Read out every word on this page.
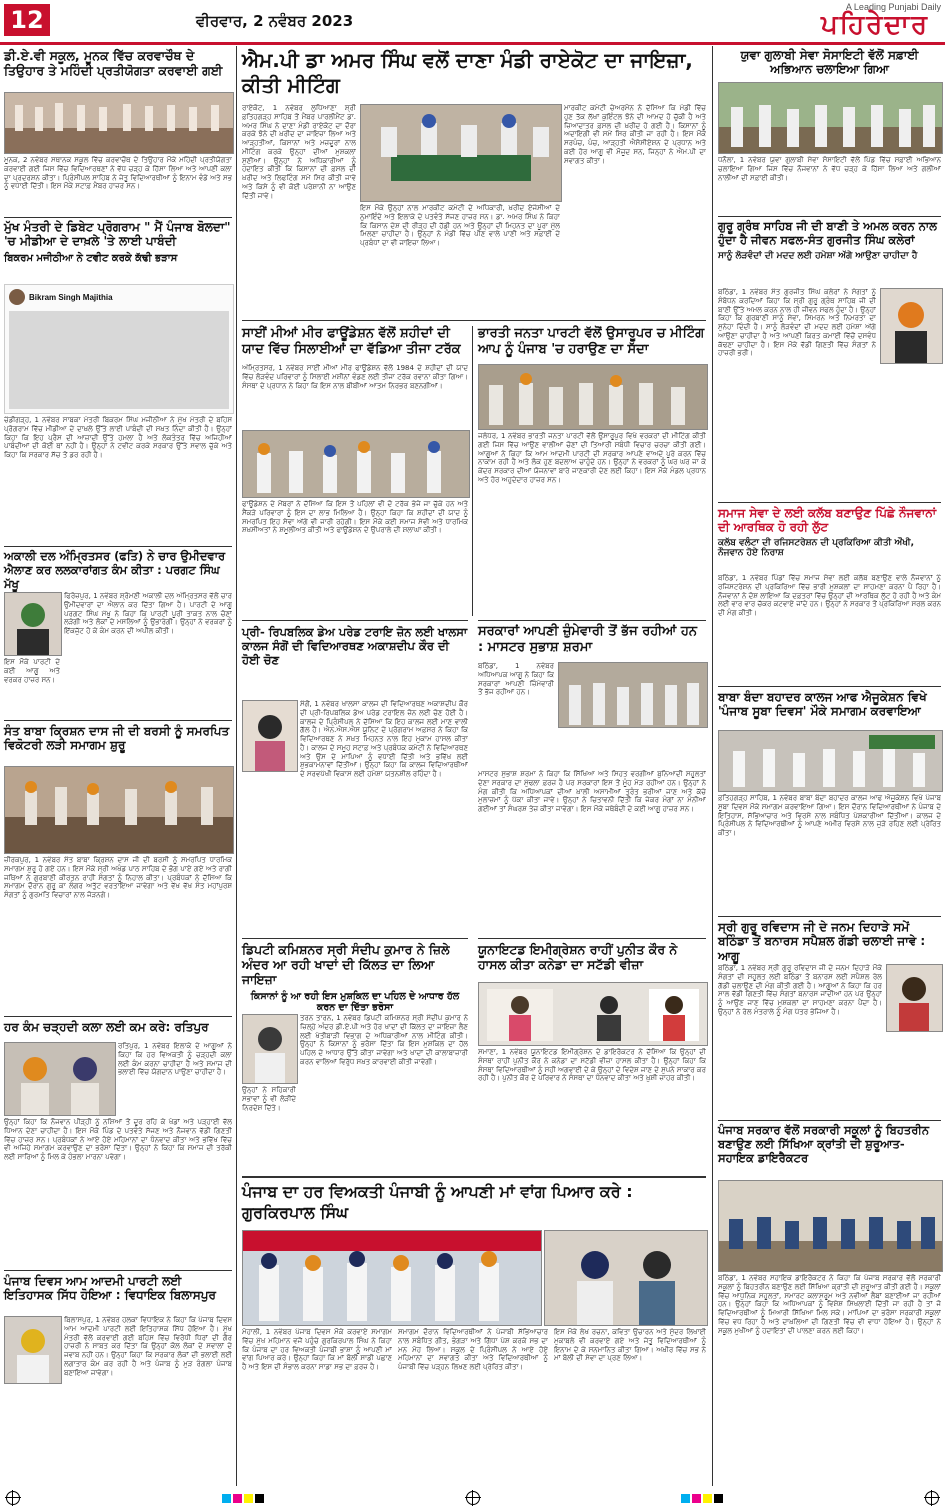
12	ਵੀਰਵਾਰ, 2 ਨਵੰਬਰ 2023
A Leading Punjabi Daily
ਪਹਿਰੇਦਾਰ
ਡੀ.ਏ.ਵੀ ਸਕੂਲ, ਮੂਨਕ ਵਿੱਚ ਕਰਵਾਚੌਥ ਦੇ ਤਿਉਹਾਰ ਤੇ ਮਹਿੰਦੀ ਪ੍ਰਤੀਯੋਗਤਾ ਕਰਵਾਈ ਗਈ
ਮੂਨਕ, 2 ਨਵੰਬਰ ਸਥਾਨਕ ਸਕੂਲ ਵਿੱਚ ਕਰਵਾਚੌਥ ਦੇ ਤਿਉਹਾਰ ਮੌਕੇ ਮਹਿੰਦੀ ਪ੍ਰਤੀਯੋਗਤਾ ਕਰਵਾਈ ਗਈ ਜਿਸ ਵਿੱਚ ਵਿਦਿਆਰਥਣਾਂ ਨੇ ਵੱਧ ਚੜ੍ਹ ਕੇ ਹਿੱਸਾ ਲਿਆ ਅਤੇ ਆਪਣੀ ਕਲਾ ਦਾ ਪ੍ਰਦਰਸ਼ਨ ਕੀਤਾ। ਪ੍ਰਿੰਸੀਪਲ ਸਾਹਿਬ ਨੇ ਜੇਤੂ ਵਿਦਿਆਰਥੀਆਂ ਨੂੰ ਇਨਾਮ ਵੰਡੇ ਅਤੇ ਸਭ ਨੂੰ ਵਧਾਈ ਦਿੱਤੀ। ਇਸ ਮੌਕੇ ਸਟਾਫ਼ ਮੈਂਬਰ ਹਾਜ਼ਰ ਸਨ।
ਮੁੱਖ ਮੰਤਰੀ ਦੇ ਡਿਬੇਟ ਪ੍ਰੋਗਰਾਮ " ਮੈਂ ਪੰਜਾਬ ਬੋਲਦਾ" 'ਚ ਮੀਡੀਆ ਦੇ ਦਾਖ਼ਲੇ 'ਤੇ ਲਾਈ ਪਾਬੰਦੀ
ਬਿਕਰਮ ਮਜੀਠੀਆ ਨੇ ਟਵੀਟ ਕਰਕੇ ਕੱਢੀ ਭੜਾਸ
Bikram Singh Majithia
ਚੰਡੀਗੜ੍ਹ, 1 ਨਵੰਬਰ ਸਾਬਕਾ ਮੰਤਰੀ ਬਿਕਰਮ ਸਿੰਘ ਮਜੀਠੀਆ ਨੇ ਮੁੱਖ ਮੰਤਰੀ ਦੇ ਬਹਿਸ ਪ੍ਰੋਗਰਾਮ ਵਿੱਚ ਮੀਡੀਆ ਦੇ ਦਾਖ਼ਲੇ ਉੱਤੇ ਲਾਈ ਪਾਬੰਦੀ ਦੀ ਸਖ਼ਤ ਨਿੰਦਾ ਕੀਤੀ ਹੈ। ਉਨ੍ਹਾਂ ਕਿਹਾ ਕਿ ਇਹ ਪ੍ਰੈਸ ਦੀ ਆਜ਼ਾਦੀ ਉੱਤੇ ਹਮਲਾ ਹੈ ਅਤੇ ਲੋਕਤੰਤਰ ਵਿੱਚ ਅਜਿਹੀਆਂ ਪਾਬੰਦੀਆਂ ਦੀ ਕੋਈ ਥਾਂ ਨਹੀਂ ਹੈ। ਉਨ੍ਹਾਂ ਨੇ ਟਵੀਟ ਕਰਕੇ ਸਰਕਾਰ ਉੱਤੇ ਸਵਾਲ ਚੁੱਕੇ ਅਤੇ ਕਿਹਾ ਕਿ ਸਰਕਾਰ ਸੱਚ ਤੋਂ ਡਰ ਰਹੀ ਹੈ।
ਅਕਾਲੀ ਦਲ ਅੰਮ੍ਰਿਤਸਰ (ਫਤਿ) ਨੇ ਚਾਰ ਉਮੀਦਵਾਰ ਐਲਾਣ ਕਰ ਲਲਕਾਰਾਂਗਤ ਕੰਮ ਕੀਤਾ : ਪਰਗਟ ਸਿੰਘ ਮੱਖੂ
ਫਿਰੋਜ਼ਪੁਰ, 1 ਨਵੰਬਰ ਸ਼੍ਰੋਮਣੀ ਅਕਾਲੀ ਦਲ ਅੰਮ੍ਰਿਤਸਰ ਵੱਲੋਂ ਚਾਰ ਉਮੀਦਵਾਰਾਂ ਦਾ ਐਲਾਨ ਕਰ ਦਿੱਤਾ ਗਿਆ ਹੈ। ਪਾਰਟੀ ਦੇ ਆਗੂ ਪਰਗਟ ਸਿੰਘ ਮੱਖੂ ਨੇ ਕਿਹਾ ਕਿ ਪਾਰਟੀ ਪੂਰੀ ਤਾਕਤ ਨਾਲ ਚੋਣਾਂ ਲੜੇਗੀ ਅਤੇ ਲੋਕਾਂ ਦੇ ਮਸਲਿਆਂ ਨੂੰ ਉਭਾਰੇਗੀ। ਉਨ੍ਹਾਂ ਨੇ ਵਰਕਰਾਂ ਨੂੰ ਇੱਕਜੁੱਟ ਹੋ ਕੇ ਕੰਮ ਕਰਨ ਦੀ ਅਪੀਲ ਕੀਤੀ।
ਇਸ ਮੌਕੇ ਪਾਰਟੀ ਦੇ ਕਈ ਆਗੂ ਅਤੇ ਵਰਕਰ ਹਾਜ਼ਰ ਸਨ।
ਸੰਤ ਬਾਬਾ ਕ੍ਰਿਸ਼ਨ ਦਾਸ ਜੀ ਦੀ ਬਰਸੀ ਨੂੰ ਸਮਰਪਿਤ ਵਿਕੋਟਰੀ ਲੜੀ ਸਮਾਗਮ ਸ਼ੁਰੂ
ਜ਼ੀਰਕਪੁਰ, 1 ਨਵੰਬਰ ਸੰਤ ਬਾਬਾ ਕ੍ਰਿਸ਼ਨ ਦਾਸ ਜੀ ਦੀ ਬਰਸੀ ਨੂੰ ਸਮਰਪਿਤ ਧਾਰਮਿਕ ਸਮਾਗਮ ਸ਼ੁਰੂ ਹੋ ਗਏ ਹਨ। ਇਸ ਮੌਕੇ ਸ੍ਰੀ ਅਖੰਡ ਪਾਠ ਸਾਹਿਬ ਦੇ ਭੋਗ ਪਾਏ ਗਏ ਅਤੇ ਰਾਗੀ ਜਥਿਆਂ ਨੇ ਗੁਰਬਾਣੀ ਕੀਰਤਨ ਰਾਹੀਂ ਸੰਗਤਾਂ ਨੂੰ ਨਿਹਾਲ ਕੀਤਾ। ਪ੍ਰਬੰਧਕਾਂ ਨੇ ਦੱਸਿਆ ਕਿ ਸਮਾਗਮ ਦੌਰਾਨ ਗੁਰੂ ਕਾ ਲੰਗਰ ਅਤੁੱਟ ਵਰਤਾਇਆ ਜਾਵੇਗਾ ਅਤੇ ਵੱਖ ਵੱਖ ਸੰਤ ਮਹਾਂਪੁਰਸ਼ ਸੰਗਤਾਂ ਨੂੰ ਗੁਰਮਤਿ ਵਿਚਾਰਾਂ ਨਾਲ ਜੋੜਨਗੇ।
ਹਰ ਕੰਮ ਚੜ੍ਹਦੀ ਕਲਾ ਲਈ ਕਮ ਕਰੇ: ਰਤਿਪੁਰ
ਰਤਿਪੁਰ, 1 ਨਵੰਬਰ ਇਲਾਕੇ ਦੇ ਆਗੂਆਂ ਨੇ ਕਿਹਾ ਕਿ ਹਰ ਵਿਅਕਤੀ ਨੂੰ ਚੜ੍ਹਦੀ ਕਲਾ ਲਈ ਕੰਮ ਕਰਨਾ ਚਾਹੀਦਾ ਹੈ ਅਤੇ ਸਮਾਜ ਦੀ ਭਲਾਈ ਵਿੱਚ ਯੋਗਦਾਨ ਪਾਉਣਾ ਚਾਹੀਦਾ ਹੈ।
ਉਨ੍ਹਾਂ ਕਿਹਾ ਕਿ ਨੌਜਵਾਨ ਪੀੜ੍ਹੀ ਨੂੰ ਨਸ਼ਿਆਂ ਤੋਂ ਦੂਰ ਰਹਿ ਕੇ ਖੇਡਾਂ ਅਤੇ ਪੜ੍ਹਾਈ ਵੱਲ ਧਿਆਨ ਦੇਣਾ ਚਾਹੀਦਾ ਹੈ। ਇਸ ਮੌਕੇ ਪਿੰਡ ਦੇ ਪਤਵੰਤੇ ਸੱਜਣ ਅਤੇ ਨੌਜਵਾਨ ਵੱਡੀ ਗਿਣਤੀ ਵਿੱਚ ਹਾਜ਼ਰ ਸਨ। ਪ੍ਰਬੰਧਕਾਂ ਨੇ ਆਏ ਹੋਏ ਮਹਿਮਾਨਾਂ ਦਾ ਧੰਨਵਾਦ ਕੀਤਾ ਅਤੇ ਭਵਿੱਖ ਵਿੱਚ ਵੀ ਅਜਿਹੇ ਸਮਾਗਮ ਕਰਵਾਉਣ ਦਾ ਭਰੋਸਾ ਦਿੱਤਾ। ਉਨ੍ਹਾਂ ਨੇ ਕਿਹਾ ਕਿ ਸਮਾਜ ਦੀ ਤਰੱਕੀ ਲਈ ਸਾਰਿਆਂ ਨੂੰ ਮਿਲ ਕੇ ਹੰਭਲਾ ਮਾਰਨਾ ਪਵੇਗਾ।
ਪੰਜਾਬ ਦਿਵਸ ਆਮ ਆਦਮੀ ਪਾਰਟੀ ਲਈ ਇਤਿਹਾਸਕ ਸਿੱਧ ਹੋਇਆ : ਵਿਧਾਇਕ ਬਿਲਾਸਪੁਰ
ਬਿਲਾਸਪੁਰ, 1 ਨਵੰਬਰ ਹਲਕਾ ਵਿਧਾਇਕ ਨੇ ਕਿਹਾ ਕਿ ਪੰਜਾਬ ਦਿਵਸ ਆਮ ਆਦਮੀ ਪਾਰਟੀ ਲਈ ਇਤਿਹਾਸਕ ਸਿੱਧ ਹੋਇਆ ਹੈ। ਮੁੱਖ ਮੰਤਰੀ ਵੱਲੋਂ ਕਰਵਾਈ ਗਈ ਬਹਿਸ ਵਿੱਚ ਵਿਰੋਧੀ ਧਿਰਾਂ ਦੀ ਗੈਰ ਹਾਜ਼ਰੀ ਨੇ ਸਾਬਤ ਕਰ ਦਿੱਤਾ ਕਿ ਉਨ੍ਹਾਂ ਕੋਲ ਲੋਕਾਂ ਦੇ ਸਵਾਲਾਂ ਦੇ ਜਵਾਬ ਨਹੀਂ ਹਨ। ਉਨ੍ਹਾਂ ਕਿਹਾ ਕਿ ਸਰਕਾਰ ਲੋਕਾਂ ਦੀ ਭਲਾਈ ਲਈ ਲਗਾਤਾਰ ਕੰਮ ਕਰ ਰਹੀ ਹੈ ਅਤੇ ਪੰਜਾਬ ਨੂੰ ਮੁੜ ਰੰਗਲਾ ਪੰਜਾਬ ਬਣਾਇਆ ਜਾਵੇਗਾ।
ਐਮ.ਪੀ ਡਾ ਅਮਰ ਸਿੰਘ ਵਲੋਂ ਦਾਣਾ ਮੰਡੀ ਰਾਏਕੋਟ ਦਾ ਜਾਇਜ਼ਾ, ਕੀਤੀ ਮੀਟਿੰਗ
ਰਾਏਕੋਟ, 1 ਨਵੰਬਰ ਲੁਧਿਆਣਾ ਸ਼੍ਰੀ ਫ਼ਤਿਹਗੜ੍ਹ ਸਾਹਿਬ ਤੋਂ ਮੈਂਬਰ ਪਾਰਲੀਮੈਂਟ ਡਾ. ਅਮਰ ਸਿੰਘ ਨੇ ਦਾਣਾ ਮੰਡੀ ਰਾਏਕੋਟ ਦਾ ਦੌਰਾ ਕਰਕੇ ਝੋਨੇ ਦੀ ਖ਼ਰੀਦ ਦਾ ਜਾਇਜ਼ਾ ਲਿਆ ਅਤੇ ਆੜ੍ਹਤੀਆਂ, ਕਿਸਾਨਾਂ ਅਤੇ ਮਜ਼ਦੂਰਾਂ ਨਾਲ ਮੀਟਿੰਗ ਕਰਕੇ ਉਨ੍ਹਾਂ ਦੀਆਂ ਮੁਸ਼ਕਲਾਂ ਸੁਣੀਆਂ। ਉਨ੍ਹਾਂ ਨੇ ਅਧਿਕਾਰੀਆਂ ਨੂੰ ਹਦਾਇਤ ਕੀਤੀ ਕਿ ਕਿਸਾਨਾਂ ਦੀ ਫ਼ਸਲ ਦੀ ਖ਼ਰੀਦ ਅਤੇ ਲਿਫਟਿੰਗ ਸਮੇਂ ਸਿਰ ਕੀਤੀ ਜਾਵੇ ਅਤੇ ਕਿਸੇ ਨੂੰ ਵੀ ਕੋਈ ਪਰੇਸ਼ਾਨੀ ਨਾ ਆਉਣ ਦਿੱਤੀ ਜਾਵੇ।
ਇਸ ਮੌਕੇ ਉਨ੍ਹਾਂ ਨਾਲ ਮਾਰਕੀਟ ਕਮੇਟੀ ਦੇ ਅਧਿਕਾਰੀ, ਖ਼ਰੀਦ ਏਜੰਸੀਆਂ ਦੇ ਨੁਮਾਇੰਦੇ ਅਤੇ ਇਲਾਕੇ ਦੇ ਪਤਵੰਤੇ ਸੱਜਣ ਹਾਜ਼ਰ ਸਨ। ਡਾ. ਅਮਰ ਸਿੰਘ ਨੇ ਕਿਹਾ ਕਿ ਕਿਸਾਨ ਦੇਸ਼ ਦੀ ਰੀੜ੍ਹ ਦੀ ਹੱਡੀ ਹਨ ਅਤੇ ਉਨ੍ਹਾਂ ਦੀ ਮਿਹਨਤ ਦਾ ਪੂਰਾ ਮੁੱਲ ਮਿਲਣਾ ਚਾਹੀਦਾ ਹੈ। ਉਨ੍ਹਾਂ ਨੇ ਮੰਡੀ ਵਿੱਚ ਪੀਣ ਵਾਲੇ ਪਾਣੀ ਅਤੇ ਸਫ਼ਾਈ ਦੇ ਪ੍ਰਬੰਧਾਂ ਦਾ ਵੀ ਜਾਇਜ਼ਾ ਲਿਆ।
ਮਾਰਕੀਟ ਕਮੇਟੀ ਚੇਅਰਮੈਨ ਨੇ ਦੱਸਿਆ ਕਿ ਮੰਡੀ ਵਿੱਚ ਹੁਣ ਤੱਕ ਲੱਖਾਂ ਕੁਇੰਟਲ ਝੋਨੇ ਦੀ ਆਮਦ ਹੋ ਚੁੱਕੀ ਹੈ ਅਤੇ ਜ਼ਿਆਦਾਤਰ ਫ਼ਸਲ ਦੀ ਖ਼ਰੀਦ ਹੋ ਗਈ ਹੈ। ਕਿਸਾਨਾਂ ਨੂੰ ਅਦਾਇਗੀ ਵੀ ਸਮੇਂ ਸਿਰ ਕੀਤੀ ਜਾ ਰਹੀ ਹੈ। ਇਸ ਮੌਕੇ ਸਰਪੰਚ, ਪੰਚ, ਆੜ੍ਹਤੀ ਐਸੋਸੀਏਸ਼ਨ ਦੇ ਪ੍ਰਧਾਨ ਅਤੇ ਕਈ ਹੋਰ ਆਗੂ ਵੀ ਮੌਜੂਦ ਸਨ, ਜਿਨ੍ਹਾਂ ਨੇ ਐਮ.ਪੀ ਦਾ ਸਵਾਗਤ ਕੀਤਾ।
ਸਾਈਂ ਮੀਆਂ ਮੀਰ ਫਾਊਂਡੇਸ਼ਨ ਵੱਲੋਂ ਸ਼ਹੀਦਾਂ ਦੀ ਯਾਦ ਵਿੱਚ ਸਿਲਾਈਆਂ ਦਾ ਵੱਡਿਆ ਤੀਜਾ ਟਰੱਕ
ਅੰਮ੍ਰਿਤਸਰ, 1 ਨਵੰਬਰ ਸਾਈਂ ਮੀਆਂ ਮੀਰ ਫਾਊਂਡੇਸ਼ਨ ਵੱਲੋਂ 1984 ਦੇ ਸ਼ਹੀਦਾਂ ਦੀ ਯਾਦ ਵਿੱਚ ਲੋੜਵੰਦ ਪਰਿਵਾਰਾਂ ਨੂੰ ਸਿਲਾਈ ਮਸ਼ੀਨਾਂ ਵੰਡਣ ਲਈ ਤੀਜਾ ਟਰੱਕ ਰਵਾਨਾ ਕੀਤਾ ਗਿਆ। ਸੰਸਥਾ ਦੇ ਪ੍ਰਧਾਨ ਨੇ ਕਿਹਾ ਕਿ ਇਸ ਨਾਲ ਬੀਬੀਆਂ ਆਤਮ ਨਿਰਭਰ ਬਣਨਗੀਆਂ।
ਫਾਊਂਡੇਸ਼ਨ ਦੇ ਮੈਂਬਰਾਂ ਨੇ ਦੱਸਿਆ ਕਿ ਇਸ ਤੋਂ ਪਹਿਲਾਂ ਵੀ ਦੋ ਟਰੱਕ ਭੇਜੇ ਜਾ ਚੁੱਕੇ ਹਨ ਅਤੇ ਸੈਂਕੜੇ ਪਰਿਵਾਰਾਂ ਨੂੰ ਇਸ ਦਾ ਲਾਭ ਮਿਲਿਆ ਹੈ। ਉਨ੍ਹਾਂ ਕਿਹਾ ਕਿ ਸ਼ਹੀਦਾਂ ਦੀ ਯਾਦ ਨੂੰ ਸਮਰਪਿਤ ਇਹ ਸੇਵਾ ਅੱਗੇ ਵੀ ਜਾਰੀ ਰਹੇਗੀ। ਇਸ ਮੌਕੇ ਕਈ ਸਮਾਜ ਸੇਵੀ ਅਤੇ ਧਾਰਮਿਕ ਸ਼ਖ਼ਸੀਅਤਾਂ ਨੇ ਸ਼ਮੂਲੀਅਤ ਕੀਤੀ ਅਤੇ ਫਾਊਂਡੇਸ਼ਨ ਦੇ ਉਪਰਾਲੇ ਦੀ ਸ਼ਲਾਘਾ ਕੀਤੀ।
ਭਾਰਤੀ ਜਨਤਾ ਪਾਰਟੀ ਵੱਲੋਂ ਉਸਾਰੂਪਰ ਚ ਮੀਟਿੰਗ ਆਪ ਨੂੰ ਪੰਜਾਬ 'ਚ ਹਰਾਉਣ ਦਾ ਸੱਦਾ
ਜਲੰਧਰ, 1 ਨਵੰਬਰ ਭਾਰਤੀ ਜਨਤਾ ਪਾਰਟੀ ਵੱਲੋਂ ਉਸਾਰੂਪੁਰ ਵਿਖੇ ਵਰਕਰਾਂ ਦੀ ਮੀਟਿੰਗ ਕੀਤੀ ਗਈ ਜਿਸ ਵਿੱਚ ਆਉਣ ਵਾਲੀਆਂ ਚੋਣਾਂ ਦੀ ਤਿਆਰੀ ਸਬੰਧੀ ਵਿਚਾਰ ਚਰਚਾ ਕੀਤੀ ਗਈ। ਆਗੂਆਂ ਨੇ ਕਿਹਾ ਕਿ ਆਮ ਆਦਮੀ ਪਾਰਟੀ ਦੀ ਸਰਕਾਰ ਆਪਣੇ ਵਾਅਦੇ ਪੂਰੇ ਕਰਨ ਵਿੱਚ ਨਾਕਾਮ ਰਹੀ ਹੈ ਅਤੇ ਲੋਕ ਹੁਣ ਬਦਲਾਅ ਚਾਹੁੰਦੇ ਹਨ। ਉਨ੍ਹਾਂ ਨੇ ਵਰਕਰਾਂ ਨੂੰ ਘਰ ਘਰ ਜਾ ਕੇ ਕੇਂਦਰ ਸਰਕਾਰ ਦੀਆਂ ਯੋਜਨਾਵਾਂ ਬਾਰੇ ਜਾਣਕਾਰੀ ਦੇਣ ਲਈ ਕਿਹਾ। ਇਸ ਮੌਕੇ ਮੰਡਲ ਪ੍ਰਧਾਨ ਅਤੇ ਹੋਰ ਅਹੁਦੇਦਾਰ ਹਾਜ਼ਰ ਸਨ।
ਸਰਕਾਰਾਂ ਆਪਣੀ ਜ਼ੁੰਮੇਵਾਰੀ ਤੋਂ ਭੱਜ ਰਹੀਆਂ ਹਨ : ਮਾਸਟਰ ਸੁਭਾਸ਼ ਸ਼ਰਮਾ
ਬਠਿੰਡਾ, 1 ਨਵੰਬਰ ਅਧਿਆਪਕ ਆਗੂ ਨੇ ਕਿਹਾ ਕਿ ਸਰਕਾਰਾਂ ਆਪਣੀ ਜ਼ਿੰਮੇਵਾਰੀ ਤੋਂ ਭੱਜ ਰਹੀਆਂ ਹਨ।
ਮਾਸਟਰ ਸੁਭਾਸ਼ ਸ਼ਰਮਾ ਨੇ ਕਿਹਾ ਕਿ ਸਿੱਖਿਆ ਅਤੇ ਸਿਹਤ ਵਰਗੀਆਂ ਬੁਨਿਆਦੀ ਸਹੂਲਤਾਂ ਦੇਣਾ ਸਰਕਾਰ ਦਾ ਮੁੱਢਲਾ ਫ਼ਰਜ਼ ਹੈ ਪਰ ਸਰਕਾਰਾਂ ਇਸ ਤੋਂ ਮੂੰਹ ਮੋੜ ਰਹੀਆਂ ਹਨ। ਉਨ੍ਹਾਂ ਨੇ ਮੰਗ ਕੀਤੀ ਕਿ ਅਧਿਆਪਕਾਂ ਦੀਆਂ ਖ਼ਾਲੀ ਅਸਾਮੀਆਂ ਤੁਰੰਤ ਭਰੀਆਂ ਜਾਣ ਅਤੇ ਕੱਚੇ ਮੁਲਾਜ਼ਮਾਂ ਨੂੰ ਪੱਕਾ ਕੀਤਾ ਜਾਵੇ। ਉਨ੍ਹਾਂ ਨੇ ਚਿਤਾਵਨੀ ਦਿੱਤੀ ਕਿ ਜੇਕਰ ਮੰਗਾਂ ਨਾ ਮੰਨੀਆਂ ਗਈਆਂ ਤਾਂ ਸੰਘਰਸ਼ ਤੇਜ਼ ਕੀਤਾ ਜਾਵੇਗਾ। ਇਸ ਮੌਕੇ ਜਥੇਬੰਦੀ ਦੇ ਕਈ ਆਗੂ ਹਾਜ਼ਰ ਸਨ।
ਪ੍ਰੀ- ਰਿਪਬਲਿਕ ਡੇਅ ਪਰੇਡ ਟਰਾਇ ਜ਼ੋਨ ਲਈ ਖਾਲਸਾ ਕਾਲਜ ਸੰਗੋਂ ਦੀ ਵਿਦਿਆਰਥਣ ਅਕਾਸ਼ਦੀਪ ਕੌਰ ਦੀ ਹੋਈ ਚੋਣ
ਸੰਗੋਂ, 1 ਨਵੰਬਰ ਖਾਲਸਾ ਕਾਲਜ ਦੀ ਵਿਦਿਆਰਥਣ ਅਕਾਸ਼ਦੀਪ ਕੌਰ ਦੀ ਪ੍ਰੀ-ਰਿਪਬਲਿਕ ਡੇਅ ਪਰੇਡ ਟਰਾਇਲ ਜ਼ੋਨ ਲਈ ਚੋਣ ਹੋਈ ਹੈ। ਕਾਲਜ ਦੇ ਪ੍ਰਿੰਸੀਪਲ ਨੇ ਦੱਸਿਆ ਕਿ ਇਹ ਕਾਲਜ ਲਈ ਮਾਣ ਵਾਲੀ ਗੱਲ ਹੈ। ਐਨ.ਐਸ.ਐਸ ਯੂਨਿਟ ਦੇ ਪ੍ਰੋਗਰਾਮ ਅਫ਼ਸਰ ਨੇ ਕਿਹਾ ਕਿ ਵਿਦਿਆਰਥਣ ਨੇ ਸਖ਼ਤ ਮਿਹਨਤ ਨਾਲ ਇਹ ਮੁਕਾਮ ਹਾਸਲ ਕੀਤਾ ਹੈ। ਕਾਲਜ ਦੇ ਸਮੂਹ ਸਟਾਫ਼ ਅਤੇ ਪ੍ਰਬੰਧਕ ਕਮੇਟੀ ਨੇ ਵਿਦਿਆਰਥਣ ਅਤੇ ਉਸ ਦੇ ਮਾਪਿਆਂ ਨੂੰ ਵਧਾਈ ਦਿੱਤੀ ਅਤੇ ਭਵਿੱਖ ਲਈ ਸ਼ੁਭਕਾਮਨਾਵਾਂ ਦਿੱਤੀਆਂ। ਉਨ੍ਹਾਂ ਕਿਹਾ ਕਿ ਕਾਲਜ ਵਿਦਿਆਰਥੀਆਂ ਦੇ ਸਰਵਪੱਖੀ ਵਿਕਾਸ ਲਈ ਹਮੇਸ਼ਾ ਯਤਨਸ਼ੀਲ ਰਹਿੰਦਾ ਹੈ।
ਡਿਪਟੀ ਕਮਿਸ਼ਨਰ ਸ੍ਰੀ ਸੰਦੀਪ ਕੁਮਾਰ ਨੇ ਜ਼ਿਲੇ ਅੰਦਰ ਆ ਰਹੀ ਖਾਦਾਂ ਦੀ ਕਿੱਲਤ ਦਾ ਲਿਆ ਜਾਇਜ਼ਾ
ਕਿਸਾਨਾਂ ਨੂੰ ਆ ਰਹੀ ਇਸ ਮੁਸ਼ਕਿਲ ਦਾ ਪਹਿਲ ਦੇ ਆਧਾਰ ਹੱਲ ਕਰਨ ਦਾ ਦਿੱਤਾ ਭਰੋਸਾ
ਤਰਨ ਤਾਰਨ, 1 ਨਵੰਬਰ ਡਿਪਟੀ ਕਮਿਸ਼ਨਰ ਸ੍ਰੀ ਸੰਦੀਪ ਕੁਮਾਰ ਨੇ ਜ਼ਿਲ੍ਹੇ ਅੰਦਰ ਡੀ.ਏ.ਪੀ ਅਤੇ ਹੋਰ ਖਾਦਾਂ ਦੀ ਕਿੱਲਤ ਦਾ ਜਾਇਜ਼ਾ ਲੈਣ ਲਈ ਖੇਤੀਬਾੜੀ ਵਿਭਾਗ ਦੇ ਅਧਿਕਾਰੀਆਂ ਨਾਲ ਮੀਟਿੰਗ ਕੀਤੀ। ਉਨ੍ਹਾਂ ਨੇ ਕਿਸਾਨਾਂ ਨੂੰ ਭਰੋਸਾ ਦਿੱਤਾ ਕਿ ਇਸ ਮੁਸ਼ਕਿਲ ਦਾ ਹੱਲ ਪਹਿਲ ਦੇ ਆਧਾਰ ਉੱਤੇ ਕੀਤਾ ਜਾਵੇਗਾ ਅਤੇ ਖਾਦਾਂ ਦੀ ਕਾਲਾਬਾਜ਼ਾਰੀ ਕਰਨ ਵਾਲਿਆਂ ਵਿਰੁੱਧ ਸਖ਼ਤ ਕਾਰਵਾਈ ਕੀਤੀ ਜਾਵੇਗੀ।
ਉਨ੍ਹਾਂ ਨੇ ਸਹਿਕਾਰੀ ਸਭਾਵਾਂ ਨੂੰ ਵੀ ਲੋੜੀਂਦੇ ਨਿਰਦੇਸ਼ ਦਿੱਤੇ।
ਯੂਨਾਇਟਡ ਇਮੀਗ੍ਰੇਸ਼ਨ ਰਾਹੀਂ ਪੁਨੀਤ ਕੌਰ ਨੇ ਹਾਸਲ ਕੀਤਾ ਕਨੇਡਾ ਦਾ ਸਟੱਡੀ ਵੀਜ਼ਾ
ਸਮਾਣਾ, 1 ਨਵੰਬਰ ਯੂਨਾਇਟਡ ਇਮੀਗ੍ਰੇਸ਼ਨ ਦੇ ਡਾਇਰੈਕਟਰ ਨੇ ਦੱਸਿਆ ਕਿ ਉਨ੍ਹਾਂ ਦੀ ਸੰਸਥਾ ਰਾਹੀਂ ਪੁਨੀਤ ਕੌਰ ਨੇ ਕਨੇਡਾ ਦਾ ਸਟੱਡੀ ਵੀਜ਼ਾ ਹਾਸਲ ਕੀਤਾ ਹੈ। ਉਨ੍ਹਾਂ ਕਿਹਾ ਕਿ ਸੰਸਥਾ ਵਿਦਿਆਰਥੀਆਂ ਨੂੰ ਸਹੀ ਅਗਵਾਈ ਦੇ ਕੇ ਉਨ੍ਹਾਂ ਦੇ ਵਿਦੇਸ਼ ਜਾਣ ਦੇ ਸੁਪਨੇ ਸਾਕਾਰ ਕਰ ਰਹੀ ਹੈ। ਪੁਨੀਤ ਕੌਰ ਦੇ ਪਰਿਵਾਰ ਨੇ ਸੰਸਥਾ ਦਾ ਧੰਨਵਾਦ ਕੀਤਾ ਅਤੇ ਖ਼ੁਸ਼ੀ ਜ਼ਾਹਰ ਕੀਤੀ।
ਪੰਜਾਬ ਦਾ ਹਰ ਵਿਅਕਤੀ ਪੰਜਾਬੀ ਨੂੰ ਆਪਣੀ ਮਾਂ ਵਾਂਗ ਪਿਆਰ ਕਰੇ : ਗੁਰਕਿਰਪਾਲ ਸਿੰਘ
ਮੋਹਾਲੀ, 1 ਨਵੰਬਰ ਪੰਜਾਬ ਦਿਵਸ ਮੌਕੇ ਕਰਵਾਏ ਸਮਾਗਮ ਵਿੱਚ ਮੁੱਖ ਮਹਿਮਾਨ ਵਜੋਂ ਪਹੁੰਚੇ ਗੁਰਕਿਰਪਾਲ ਸਿੰਘ ਨੇ ਕਿਹਾ ਕਿ ਪੰਜਾਬ ਦਾ ਹਰ ਵਿਅਕਤੀ ਪੰਜਾਬੀ ਭਾਸ਼ਾ ਨੂੰ ਆਪਣੀ ਮਾਂ ਵਾਂਗ ਪਿਆਰ ਕਰੇ। ਉਨ੍ਹਾਂ ਕਿਹਾ ਕਿ ਮਾਂ ਬੋਲੀ ਸਾਡੀ ਪਛਾਣ ਹੈ ਅਤੇ ਇਸ ਦੀ ਸੰਭਾਲ ਕਰਨਾ ਸਾਡਾ ਸਭ ਦਾ ਫ਼ਰਜ਼ ਹੈ।
ਸਮਾਗਮ ਦੌਰਾਨ ਵਿਦਿਆਰਥੀਆਂ ਨੇ ਪੰਜਾਬੀ ਸੱਭਿਆਚਾਰ ਨਾਲ ਸਬੰਧਿਤ ਗੀਤ, ਭੰਗੜਾ ਅਤੇ ਗਿੱਧਾ ਪੇਸ਼ ਕਰਕੇ ਸਭ ਦਾ ਮਨ ਮੋਹ ਲਿਆ। ਸਕੂਲ ਦੇ ਪ੍ਰਿੰਸੀਪਲ ਨੇ ਆਏ ਹੋਏ ਮਹਿਮਾਨਾਂ ਦਾ ਸਵਾਗਤ ਕੀਤਾ ਅਤੇ ਵਿਦਿਆਰਥੀਆਂ ਨੂੰ ਪੰਜਾਬੀ ਵਿੱਚ ਪੜ੍ਹਨ ਲਿਖਣ ਲਈ ਪ੍ਰੇਰਿਤ ਕੀਤਾ।
ਇਸ ਮੌਕੇ ਲੇਖ ਰਚਨਾ, ਕਵਿਤਾ ਉਚਾਰਨ ਅਤੇ ਸੁੰਦਰ ਲਿਖਾਈ ਮੁਕਾਬਲੇ ਵੀ ਕਰਵਾਏ ਗਏ ਅਤੇ ਜੇਤੂ ਵਿਦਿਆਰਥੀਆਂ ਨੂੰ ਇਨਾਮ ਦੇ ਕੇ ਸਨਮਾਨਿਤ ਕੀਤਾ ਗਿਆ। ਅਖ਼ੀਰ ਵਿੱਚ ਸਭ ਨੇ ਮਾਂ ਬੋਲੀ ਦੀ ਸੇਵਾ ਦਾ ਪ੍ਰਣ ਲਿਆ।
ਯੁਵਾ ਗੁਲਾਬੀ ਸੇਵਾ ਸੋਸਾਇਟੀ ਵੱਲੋਂ ਸਫ਼ਾਈ ਅਭਿਆਨ ਚਲਾਇਆ ਗਿਆ
ਧਨੌਲਾ, 1 ਨਵੰਬਰ ਯੁਵਾ ਗੁਲਾਬੀ ਸੇਵਾ ਸੋਸਾਇਟੀ ਵੱਲੋਂ ਪਿੰਡ ਵਿੱਚ ਸਫ਼ਾਈ ਅਭਿਆਨ ਚਲਾਇਆ ਗਿਆ ਜਿਸ ਵਿੱਚ ਨੌਜਵਾਨਾਂ ਨੇ ਵੱਧ ਚੜ੍ਹ ਕੇ ਹਿੱਸਾ ਲਿਆ ਅਤੇ ਗਲੀਆਂ ਨਾਲੀਆਂ ਦੀ ਸਫ਼ਾਈ ਕੀਤੀ।
ਗੁਰੂ ਗ੍ਰੰਥ ਸਾਹਿਬ ਜੀ ਦੀ ਬਾਣੀ ਤੇ ਅਮਲ ਕਰਨ ਨਾਲ ਹੁੰਦਾ ਹੈ ਜੀਵਨ ਸਫਲ-ਸੰਤ ਗੁਰਜੀਤ ਸਿੰਘ ਕਲੇਰਾਂ
ਸਾਨੂੰ ਲੋੜਵੰਦਾਂ ਦੀ ਮਦਦ ਲਈ ਹਮੇਸ਼ਾ ਅੱਗੇ ਆਉਣਾ ਚਾਹੀਦਾ ਹੈ
ਬਠਿੰਡਾ, 1 ਨਵੰਬਰ ਸੰਤ ਗੁਰਜੀਤ ਸਿੰਘ ਕਲੇਰਾਂ ਨੇ ਸੰਗਤਾਂ ਨੂੰ ਸੰਬੋਧਨ ਕਰਦਿਆਂ ਕਿਹਾ ਕਿ ਸ੍ਰੀ ਗੁਰੂ ਗ੍ਰੰਥ ਸਾਹਿਬ ਜੀ ਦੀ ਬਾਣੀ ਉੱਤੇ ਅਮਲ ਕਰਨ ਨਾਲ ਹੀ ਜੀਵਨ ਸਫਲ ਹੁੰਦਾ ਹੈ। ਉਨ੍ਹਾਂ ਕਿਹਾ ਕਿ ਗੁਰਬਾਣੀ ਸਾਨੂੰ ਸੇਵਾ, ਸਿਮਰਨ ਅਤੇ ਨਿਮਰਤਾ ਦਾ ਸੁਨੇਹਾ ਦਿੰਦੀ ਹੈ। ਸਾਨੂੰ ਲੋੜਵੰਦਾਂ ਦੀ ਮਦਦ ਲਈ ਹਮੇਸ਼ਾ ਅੱਗੇ ਆਉਣਾ ਚਾਹੀਦਾ ਹੈ ਅਤੇ ਆਪਣੀ ਕਿਰਤ ਕਮਾਈ ਵਿੱਚੋਂ ਦਸਵੰਧ ਕੱਢਣਾ ਚਾਹੀਦਾ ਹੈ। ਇਸ ਮੌਕੇ ਵੱਡੀ ਗਿਣਤੀ ਵਿੱਚ ਸੰਗਤਾਂ ਨੇ ਹਾਜ਼ਰੀ ਭਰੀ।
ਸਮਾਜ ਸੇਵਾ ਦੇ ਲਈ ਕਲੱਬ ਬਣਾਉਣ ਪਿੱਛੇ ਨੌਜਵਾਨਾਂ ਦੀ ਆਰਥਿਕ ਹੋ ਰਹੀ ਲੁੱਟ
ਕਲੱਬ ਵਲੰਟਾ ਦੀ ਰਜਿਸਟਰੇਸ਼ਨ ਦੀ ਪ੍ਰਕਿਰਿਆ ਕੀਤੀ ਔਖੀ, ਨੌਜਵਾਨ ਹੋਏ ਨਿਰਾਸ਼
ਬਠਿੰਡਾ, 1 ਨਵੰਬਰ ਪਿੰਡਾਂ ਵਿੱਚ ਸਮਾਜ ਸੇਵਾ ਲਈ ਕਲੱਬ ਬਣਾਉਣ ਵਾਲੇ ਨੌਜਵਾਨਾਂ ਨੂੰ ਰਜਿਸਟਰੇਸ਼ਨ ਦੀ ਪ੍ਰਕਿਰਿਆ ਵਿੱਚ ਭਾਰੀ ਮੁਸ਼ਕਲਾਂ ਦਾ ਸਾਹਮਣਾ ਕਰਨਾ ਪੈ ਰਿਹਾ ਹੈ। ਨੌਜਵਾਨਾਂ ਨੇ ਦੋਸ਼ ਲਾਇਆ ਕਿ ਦਫ਼ਤਰਾਂ ਵਿੱਚ ਉਨ੍ਹਾਂ ਦੀ ਆਰਥਿਕ ਲੁੱਟ ਹੋ ਰਹੀ ਹੈ ਅਤੇ ਕੰਮ ਲਈ ਵਾਰ ਵਾਰ ਚੱਕਰ ਕਟਵਾਏ ਜਾਂਦੇ ਹਨ। ਉਨ੍ਹਾਂ ਨੇ ਸਰਕਾਰ ਤੋਂ ਪ੍ਰਕਿਰਿਆ ਸਰਲ ਕਰਨ ਦੀ ਮੰਗ ਕੀਤੀ।
ਬਾਬਾ ਬੰਦਾ ਬਹਾਦਰ ਕਾਲਜ ਆਫ ਐਜੂਕੇਸ਼ਨ ਵਿਖੇ 'ਪੰਜਾਬ ਸੂਬਾ ਦਿਵਸ' ਮੌਕੇ ਸਮਾਗਮ ਕਰਵਾਇਆ
ਫ਼ਤਿਹਗੜ੍ਹ ਸਾਹਿਬ, 1 ਨਵੰਬਰ ਬਾਬਾ ਬੰਦਾ ਬਹਾਦਰ ਕਾਲਜ ਆਫ ਐਜੂਕੇਸ਼ਨ ਵਿਖੇ ਪੰਜਾਬ ਸੂਬਾ ਦਿਵਸ ਮੌਕੇ ਸਮਾਗਮ ਕਰਵਾਇਆ ਗਿਆ। ਇਸ ਦੌਰਾਨ ਵਿਦਿਆਰਥੀਆਂ ਨੇ ਪੰਜਾਬ ਦੇ ਇਤਿਹਾਸ, ਸੱਭਿਆਚਾਰ ਅਤੇ ਵਿਰਸੇ ਨਾਲ ਸਬੰਧਿਤ ਪੇਸ਼ਕਾਰੀਆਂ ਦਿੱਤੀਆਂ। ਕਾਲਜ ਦੇ ਪ੍ਰਿੰਸੀਪਲ ਨੇ ਵਿਦਿਆਰਥੀਆਂ ਨੂੰ ਆਪਣੇ ਅਮੀਰ ਵਿਰਸੇ ਨਾਲ ਜੁੜੇ ਰਹਿਣ ਲਈ ਪ੍ਰੇਰਿਤ ਕੀਤਾ।
ਸ੍ਰੀ ਗੁਰੂ ਰਵਿਦਾਸ ਜੀ ਦੇ ਜਨਮ ਦਿਹਾੜੇ ਸਮੇਂ ਬਠਿੰਡਾ ਤੋਂ ਬਨਾਰਸ ਸਪੈਸ਼ਲ ਗੱਡੀ ਚਲਾਈ ਜਾਵੇ : ਆਗੂ
ਬਠਿੰਡਾ, 1 ਨਵੰਬਰ ਸ੍ਰੀ ਗੁਰੂ ਰਵਿਦਾਸ ਜੀ ਦੇ ਜਨਮ ਦਿਹਾੜੇ ਮੌਕੇ ਸੰਗਤਾਂ ਦੀ ਸਹੂਲਤ ਲਈ ਬਠਿੰਡਾ ਤੋਂ ਬਨਾਰਸ ਲਈ ਸਪੈਸ਼ਲ ਰੇਲ ਗੱਡੀ ਚਲਾਉਣ ਦੀ ਮੰਗ ਕੀਤੀ ਗਈ ਹੈ। ਆਗੂਆਂ ਨੇ ਕਿਹਾ ਕਿ ਹਰ ਸਾਲ ਵੱਡੀ ਗਿਣਤੀ ਵਿੱਚ ਸੰਗਤਾਂ ਬਨਾਰਸ ਜਾਂਦੀਆਂ ਹਨ ਪਰ ਉਨ੍ਹਾਂ ਨੂੰ ਆਉਣ ਜਾਣ ਵਿੱਚ ਮੁਸ਼ਕਲਾਂ ਦਾ ਸਾਹਮਣਾ ਕਰਨਾ ਪੈਂਦਾ ਹੈ। ਉਨ੍ਹਾਂ ਨੇ ਰੇਲ ਮੰਤਰਾਲੇ ਨੂੰ ਮੰਗ ਪੱਤਰ ਭੇਜਿਆ ਹੈ।
ਪੰਜਾਬ ਸਰਕਾਰ ਵੱਲੋਂ ਸਰਕਾਰੀ ਸਕੂਲਾਂ ਨੂੰ ਬਿਹਤਰੀਨ ਬਣਾਉਣ ਲਈ ਸਿੱਖਿਆ ਕ੍ਰਾਂਤੀ ਦੀ ਸ਼ੁਰੂਆਤ- ਸਹਾਇਕ ਡਾਇਰੈਕਟਰ
ਬਠਿੰਡਾ, 1 ਨਵੰਬਰ ਸਹਾਇਕ ਡਾਇਰੈਕਟਰ ਨੇ ਕਿਹਾ ਕਿ ਪੰਜਾਬ ਸਰਕਾਰ ਵੱਲੋਂ ਸਰਕਾਰੀ ਸਕੂਲਾਂ ਨੂੰ ਬਿਹਤਰੀਨ ਬਣਾਉਣ ਲਈ ਸਿੱਖਿਆ ਕ੍ਰਾਂਤੀ ਦੀ ਸ਼ੁਰੂਆਤ ਕੀਤੀ ਗਈ ਹੈ। ਸਕੂਲਾਂ ਵਿੱਚ ਆਧੁਨਿਕ ਸਹੂਲਤਾਂ, ਸਮਾਰਟ ਕਲਾਸਰੂਮ ਅਤੇ ਨਵੀਆਂ ਲੈਬਾਂ ਬਣਾਈਆਂ ਜਾ ਰਹੀਆਂ ਹਨ। ਉਨ੍ਹਾਂ ਕਿਹਾ ਕਿ ਅਧਿਆਪਕਾਂ ਨੂੰ ਵਿਸ਼ੇਸ਼ ਸਿਖਲਾਈ ਦਿੱਤੀ ਜਾ ਰਹੀ ਹੈ ਤਾਂ ਜੋ ਵਿਦਿਆਰਥੀਆਂ ਨੂੰ ਮਿਆਰੀ ਸਿੱਖਿਆ ਮਿਲ ਸਕੇ। ਮਾਪਿਆਂ ਦਾ ਭਰੋਸਾ ਸਰਕਾਰੀ ਸਕੂਲਾਂ ਵਿੱਚ ਵਧ ਰਿਹਾ ਹੈ ਅਤੇ ਦਾਖ਼ਲਿਆਂ ਦੀ ਗਿਣਤੀ ਵਿੱਚ ਵੀ ਵਾਧਾ ਹੋਇਆ ਹੈ। ਉਨ੍ਹਾਂ ਨੇ ਸਕੂਲ ਮੁਖੀਆਂ ਨੂੰ ਹਦਾਇਤਾਂ ਦੀ ਪਾਲਣਾ ਕਰਨ ਲਈ ਕਿਹਾ।
